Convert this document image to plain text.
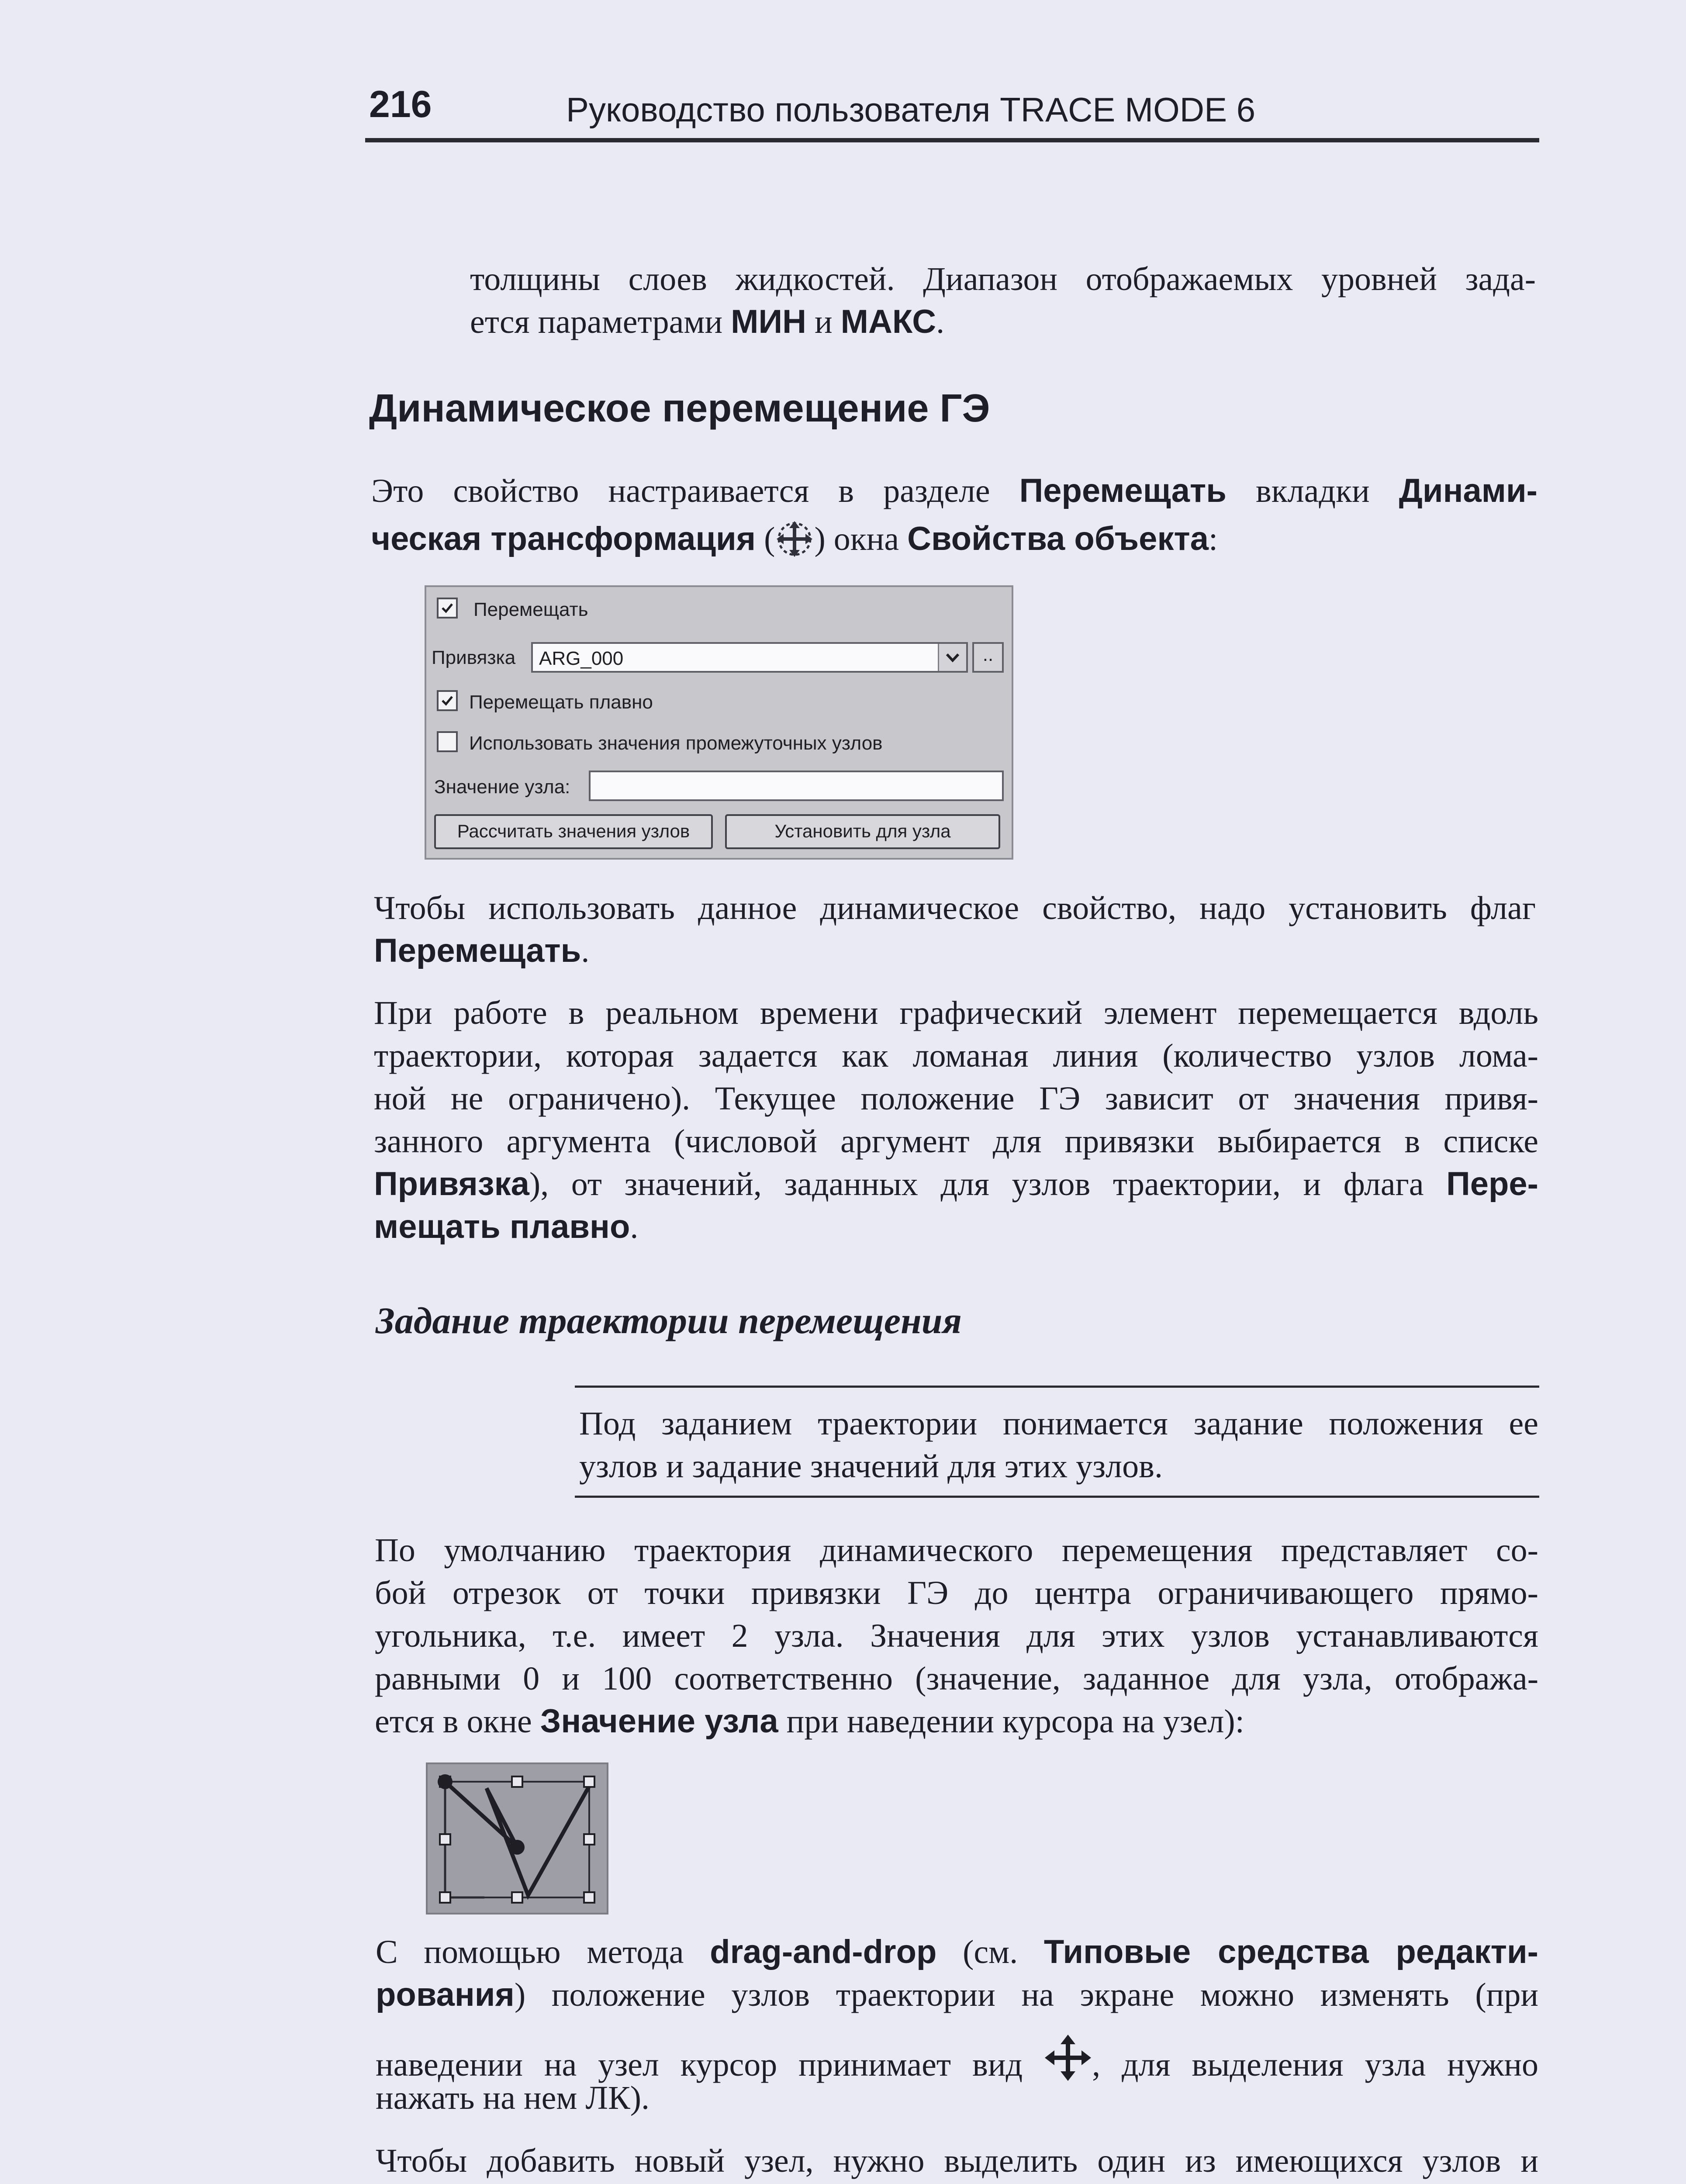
216	Руководство пользователя TRACE MODE 6

толщины слоев жидкостей. Диапазон отображаемых уровней зада-

ется параметрами МИН и МАКС.

Динамическое перемещение ГЭ

Это свойство настраивается в разделе Перемещать вкладки Динами-

ческая трансформация ( ) окна Свойства объекта:

Перемещать
Привязка ARG_000	..
Перемещать плавно
Использовать значения промежуточных узлов
Значение узла:
Рассчитать значения узлов	Установить для узла

Чтобы использовать данное динамическое свойство, надо установить флаг

Перемещать.

При работе в реальном времени графический элемент перемещается вдоль

траектории, которая задается как ломаная линия (количество узлов лома-

ной не ограничено). Текущее положение ГЭ зависит от значения привя-

занного аргумента (числовой аргумент для привязки выбирается в списке

Привязка), от значений, заданных для узлов траектории, и флага Пере-

мещать плавно.

Задание траектории перемещения

Под заданием траектории понимается задание положения ее

узлов и задание значений для этих узлов.

По умолчанию траектория динамического перемещения представляет со-

бой отрезок от точки привязки ГЭ до центра ограничивающего прямо-

угольника, т.е. имеет 2 узла. Значения для этих узлов устанавливаются

равными 0 и 100 соответственно (значение, заданное для узла, отобража-

ется в окне Значение узла при наведении курсора на узел):

С помощью метода drag-and-drop (см. Типовые средства редакти-

рования) положение узлов траектории на экране можно изменять (при

наведении на узел курсор принимает вид , для выделения узла нужно

нажать на нем ЛК).

Чтобы добавить новый узел, нужно выделить один из имеющихся узлов и
